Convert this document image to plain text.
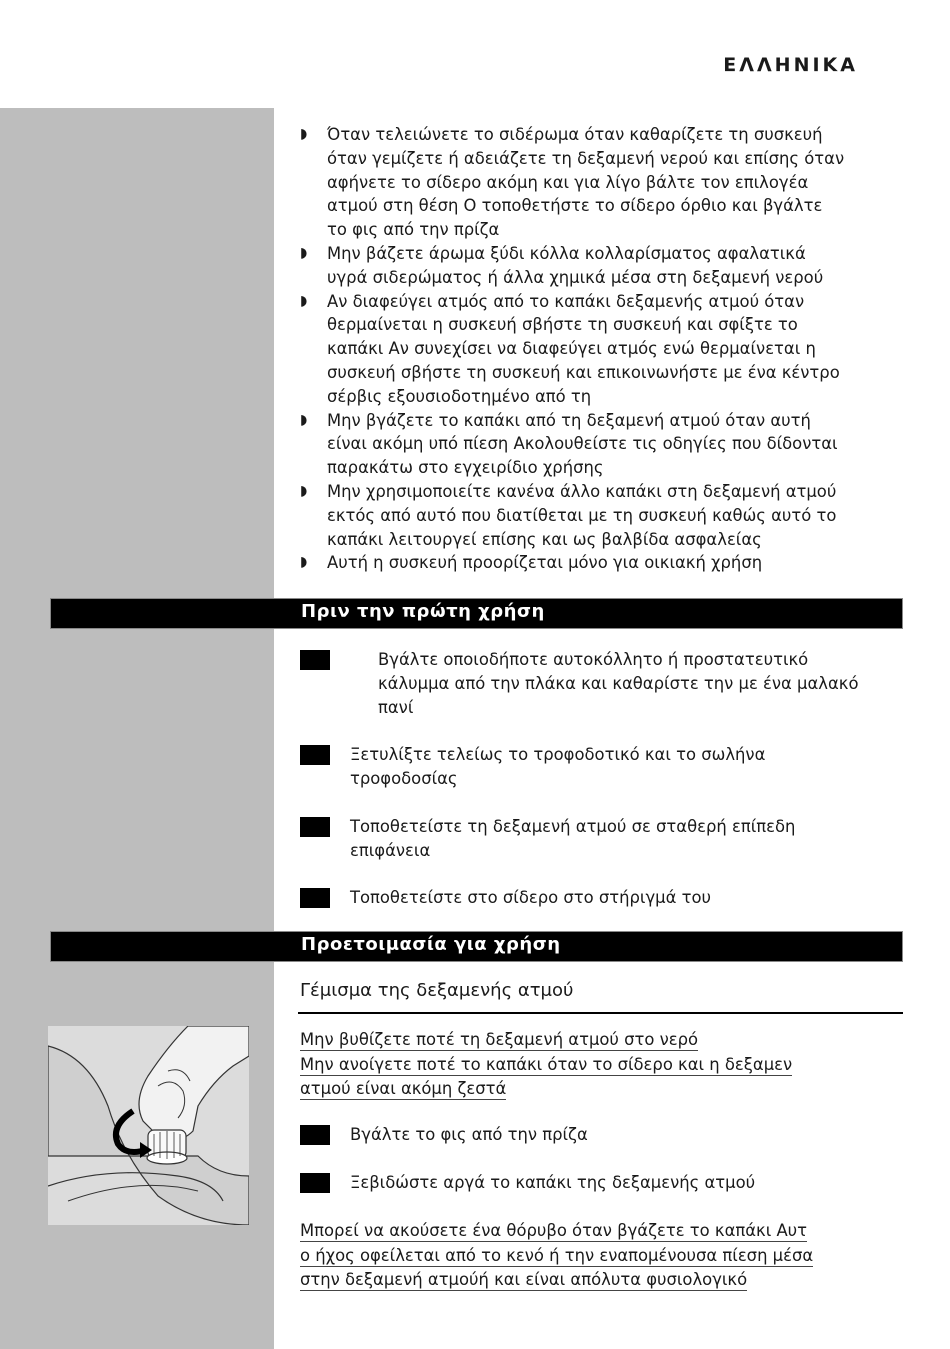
ΕΛΛΗΝΙΚΑ
◗ Όταν τελειώνετε το σιδέρωμα όταν καθαρίζετε τη συσκευή
όταν γεμίζετε ή αδειάζετε τη δεξαμενή νερού και επίσης όταν
αφήνετε το σίδερο ακόμη και για λίγο βάλτε τον επιλογέα
ατμού στη θέση O τοποθετήστε το σίδερο όρθιο και βγάλτε
το φις από την πρίζα
◗ Μην βάζετε άρωμα ξύδι κόλλα κολλαρίσματος αφαλατικά
υγρά σιδερώματος ή άλλα χημικά μέσα στη δεξαμενή νερού
◗ Αν διαφεύγει ατμός από το καπάκι δεξαμενής ατμού όταν
θερμαίνεται η συσκευή σβήστε τη συσκευή και σφίξτε το
καπάκι Αν συνεχίσει να διαφεύγει ατμός ενώ θερμαίνεται η
συσκευή σβήστε τη συσκευή και επικοινωνήστε με ένα κέντρο
σέρβις εξουσιοδοτημένο από τη
◗ Μην βγάζετε το καπάκι από τη δεξαμενή ατμού όταν αυτή
είναι ακόμη υπό πίεση Ακολουθείστε τις οδηγίες που δίδονται
παρακάτω στο εγχειρίδιο χρήσης
◗ Μην χρησιμοποιείτε κανένα άλλο καπάκι στη δεξαμενή ατμού
εκτός από αυτό που διατίθεται με τη συσκευή καθώς αυτό το
καπάκι λειτουργεί επίσης και ως βαλβίδα ασφαλείας
◗ Αυτή η συσκευή προορίζεται μόνο για οικιακή χρήση
Πριν την πρώτη χρήση
Βγάλτε οποιοδήποτε αυτοκόλλητο ή προστατευτικό
κάλυμμα από την πλάκα και καθαρίστε την με ένα μαλακό
πανί
Ξετυλίξτε τελείως το τροφοδοτικό και το σωλήνα
τροφοδοσίας
Τοποθετείστε τη δεξαμενή ατμού σε σταθερή επίπεδη
επιφάνεια
Τοποθετείστε στο σίδερο στο στήριγμά του
Προετοιμασία για χρήση
Γέμισμα της δεξαμενής ατμού
Μην βυθίζετε ποτέ τη δεξαμενή ατμού στο νερό
Μην ανοίγετε ποτέ το καπάκι όταν το σίδερο και η δεξαμεν
ατμού είναι ακόμη ζεστά
Βγάλτε το φις από την πρίζα
Ξεβιδώστε αργά το καπάκι της δεξαμενής ατμού
Μπορεί να ακούσετε ένα θόρυβο όταν βγάζετε το καπάκι Αυτ
ο ήχος οφείλεται από το κενό ή την εναπομένουσα πίεση μέσα
στην δεξαμενή ατμούή και είναι απόλυτα φυσιολογικό
